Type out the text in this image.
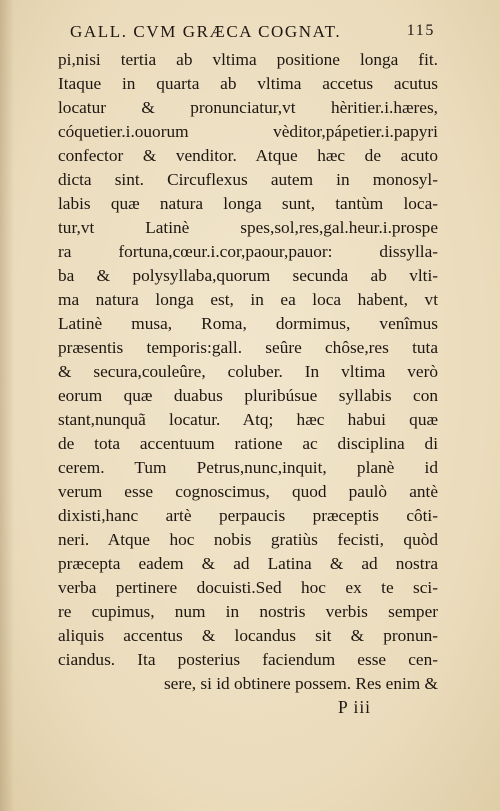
GALL. CVM GRÆCA COGNAT.	115
pi,nisi tertia ab vltima positione longa fit.
Itaque in quarta ab vltima accetus acutus
locatur & pronunciatur,vt hèritier.i.hæres,
cóquetier.i.ouorum vèditor,pápetier.i.papyri
confector & venditor. Atque hæc de acuto
dicta sint. Circuflexus autem in monosyl-
labis quæ natura longa sunt, tantùm loca-
tur,vt Latinè spes,sol,res,gal.heur.i.prospe
ra fortuna,cœur.i.cor,paour,pauor: dissylla-
ba & polysyllaba,quorum secunda ab vlti-
ma natura longa est, in ea loca habent, vt
Latinè musa, Roma, dormimus, venîmus
præsentis temporis:gall. seûre chôse,res tuta
& secura,couleûre, coluber. In vltima verò
eorum quæ duabus pluribúsue syllabis con
stant,nunquã locatur. Atq; hæc habui quæ
de tota accentuum ratione ac disciplina di
cerem. Tum Petrus,nunc,inquit, planè id
verum esse cognoscimus, quod paulò antè
dixisti,hanc artè perpaucis præceptis côti-
neri. Atque hoc nobis gratiùs fecisti, quòd
præcepta eadem & ad Latina & ad nostra
verba pertinere docuisti.Sed hoc ex te sci-
re cupimus, num in nostris verbis semper
aliquis accentus & locandus sit & pronun-
ciandus. Ita posterius faciendum esse cen-
sere, si id obtinere possem. Res enim &
P iii
